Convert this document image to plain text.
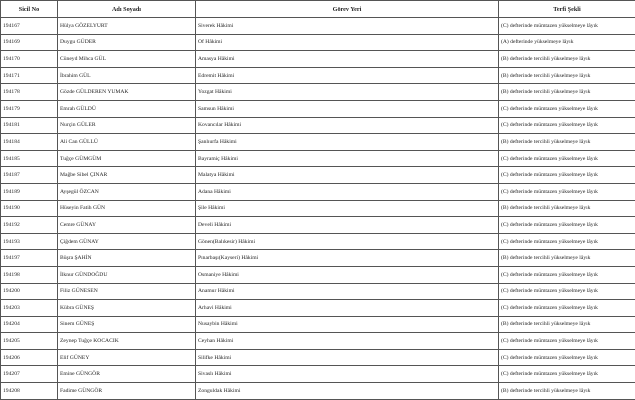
Sicil No	Adı Soyadı	Görev Yeri	Terfi Şekli
194167	Hülya GÖZELYURT	Siverek Hâkimi	(C) defterinde mümtazen yükselmeye lâyık
194169	Duygu GÜDER	Of Hâkimi	(A) defterinde yükselmeye lâyık
194170	Cüneyd Mihca GÜL	Amasya Hâkimi	(B) defterinde tercihli yükselmeye lâyık
194171	İbrahim GÜL	Edremit Hâkimi	(B) defterinde tercihli yükselmeye lâyık
194178	Gözde GÜLDEREN YUMAK	Yozgat Hâkimi	(B) defterinde tercihli yükselmeye lâyık
194179	Emrah GÜLDÜ	Samsun Hâkimi	(C) defterinde mümtazen yükselmeye lâyık
194181	Nurçin GÜLER	Kovancılar Hâkimi	(C) defterinde mümtazen yükselmeye lâyık
194184	Ali Can GÜLLÜ	Şanlıurfa Hâkimi	(B) defterinde tercihli yükselmeye lâyık
194185	Tuğçe GÜMGÜM	Bayramiç Hâkimi	(C) defterinde mümtazen yükselmeye lâyık
194187	Mağbe Sibel ÇINAR	Malatya Hâkimi	(C) defterinde mümtazen yükselmeye lâyık
194189	Ayşegül ÖZCAN	Adana Hâkimi	(C) defterinde mümtazen yükselmeye lâyık
194190	Hüseyin Fatih GÜN	Şile Hâkimi	(B) defterinde tercihli yükselmeye lâyık
194192	Cemre GÜNAY	Develi Hâkimi	(C) defterinde mümtazen yükselmeye lâyık
194193	Çiğdem GÜNAY	Gönen(Balıkesir) Hâkimi	(C) defterinde mümtazen yükselmeye lâyık
194197	Büşra ŞAHİN	Pınarbaşı(Kayseri) Hâkimi	(B) defterinde tercihli yükselmeye lâyık
194198	İlknur GÜNDOĞDU	Osmaniye Hâkimi	(C) defterinde mümtazen yükselmeye lâyık
194200	Filiz GÜNESEN	Anamur Hâkimi	(C) defterinde mümtazen yükselmeye lâyık
194203	Kübra GÜNEŞ	Arhavi Hâkimi	(C) defterinde mümtazen yükselmeye lâyık
194204	Sinem GÜNEŞ	Nusaybin Hâkimi	(B) defterinde tercihli yükselmeye lâyık
194205	Zeynep Tuğçe KOCACIK	Ceyhan Hâkimi	(C) defterinde mümtazen yükselmeye lâyık
194206	Elif GÜNEY	Silifke Hâkimi	(C) defterinde mümtazen yükselmeye lâyık
194207	Emine GÜNGÖR	Sivaslı Hâkimi	(C) defterinde mümtazen yükselmeye lâyık
194208	Fadime GÜNGÖR	Zonguldak Hâkimi	(B) defterinde tercihli yükselmeye lâyık
